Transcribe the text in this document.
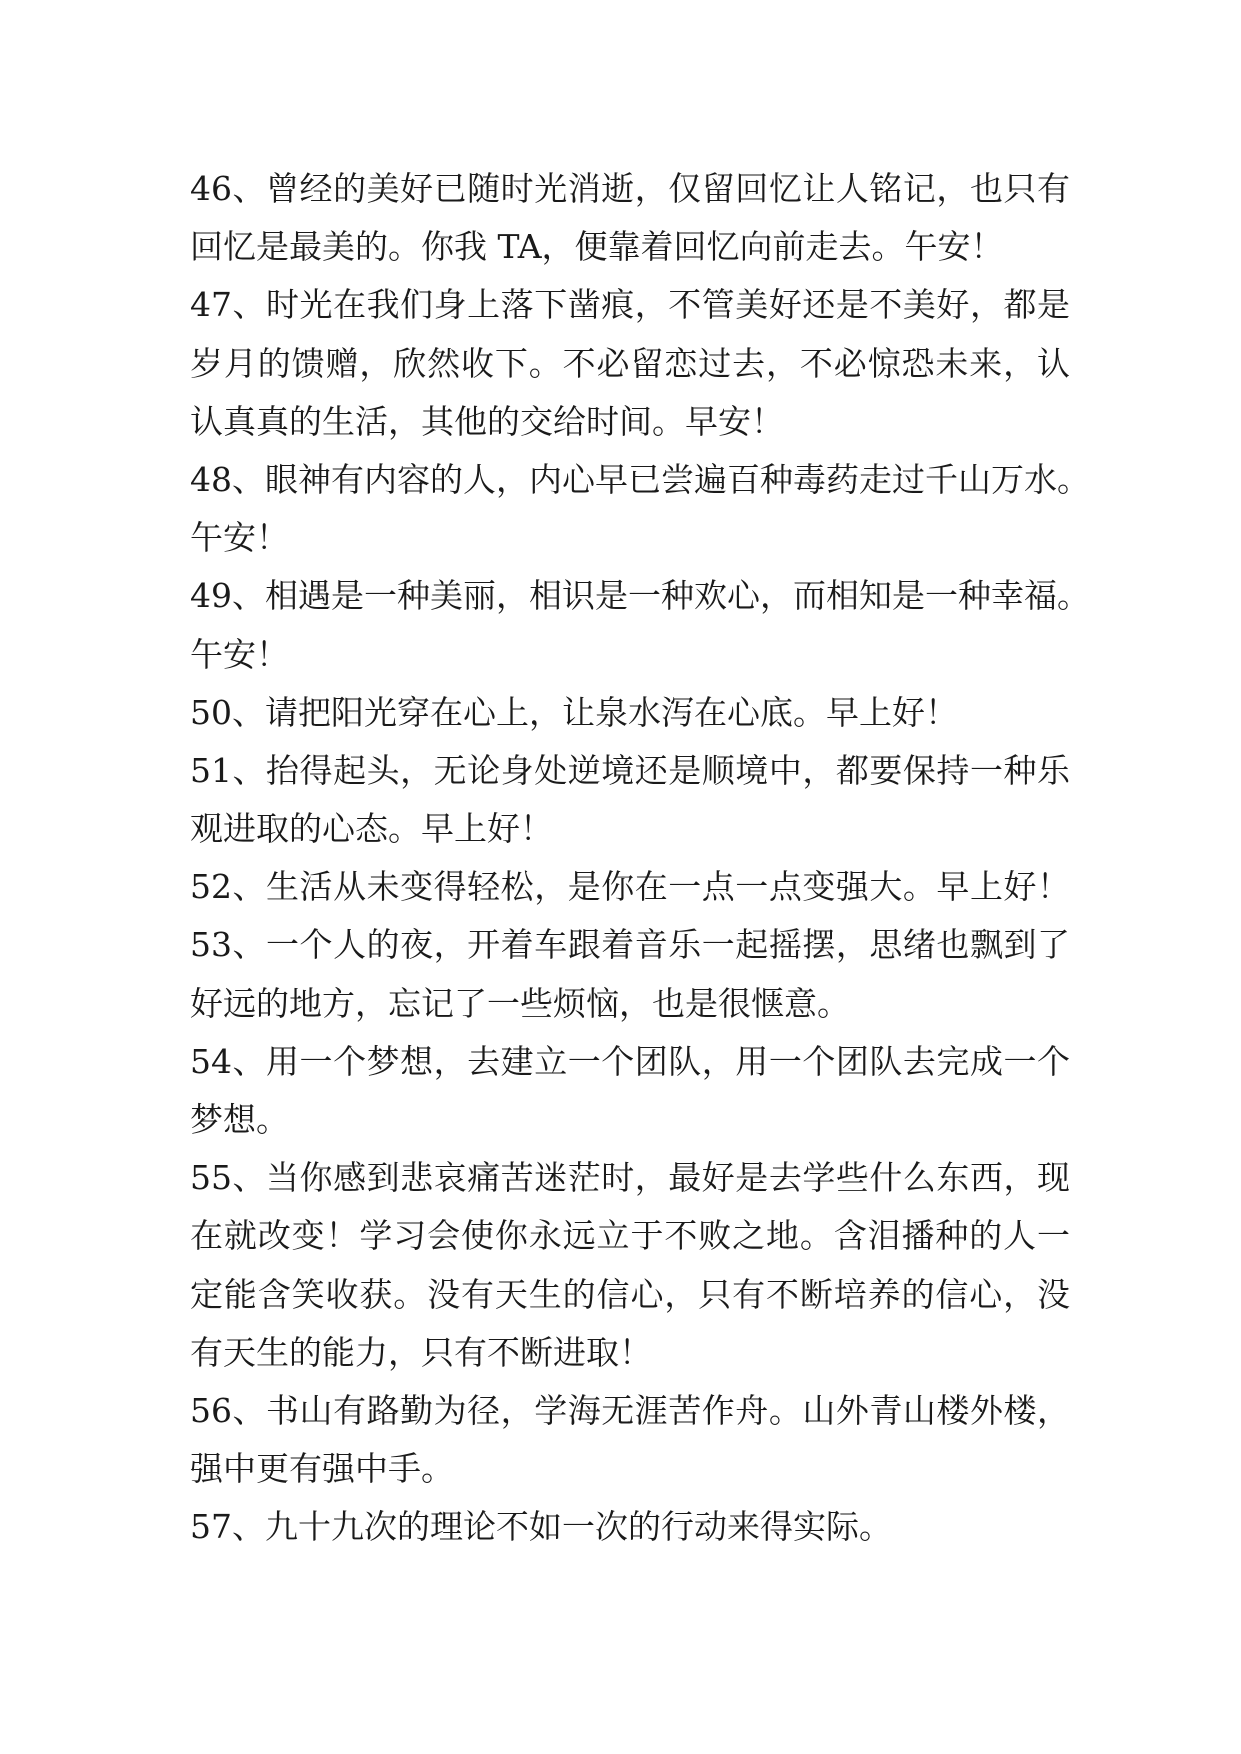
46、曾经的美好已随时光消逝，仅留回忆让人铭记，也只有
回忆是最美的。你我 TA，便靠着回忆向前走去。午安！
47、时光在我们身上落下凿痕，不管美好还是不美好，都是
岁月的馈赠，欣然收下。不必留恋过去，不必惊恐未来，认
认真真的生活，其他的交给时间。早安！
48、眼神有内容的人，内心早已尝遍百种毒药走过千山万水。
午安！
49、相遇是一种美丽，相识是一种欢心，而相知是一种幸福。
午安！
50、请把阳光穿在心上，让泉水泻在心底。早上好！
51、抬得起头，无论身处逆境还是顺境中，都要保持一种乐
观进取的心态。早上好！
52、生活从未变得轻松，是你在一点一点变强大。早上好！
53、一个人的夜，开着车跟着音乐一起摇摆，思绪也飘到了
好远的地方，忘记了一些烦恼，也是很惬意。
54、用一个梦想，去建立一个团队，用一个团队去完成一个
梦想。
55、当你感到悲哀痛苦迷茫时，最好是去学些什么东西，现
在就改变！学习会使你永远立于不败之地。含泪播种的人一
定能含笑收获。没有天生的信心，只有不断培养的信心，没
有天生的能力，只有不断进取！
56、书山有路勤为径，学海无涯苦作舟。山外青山楼外楼，
强中更有强中手。
57、九十九次的理论不如一次的行动来得实际。
